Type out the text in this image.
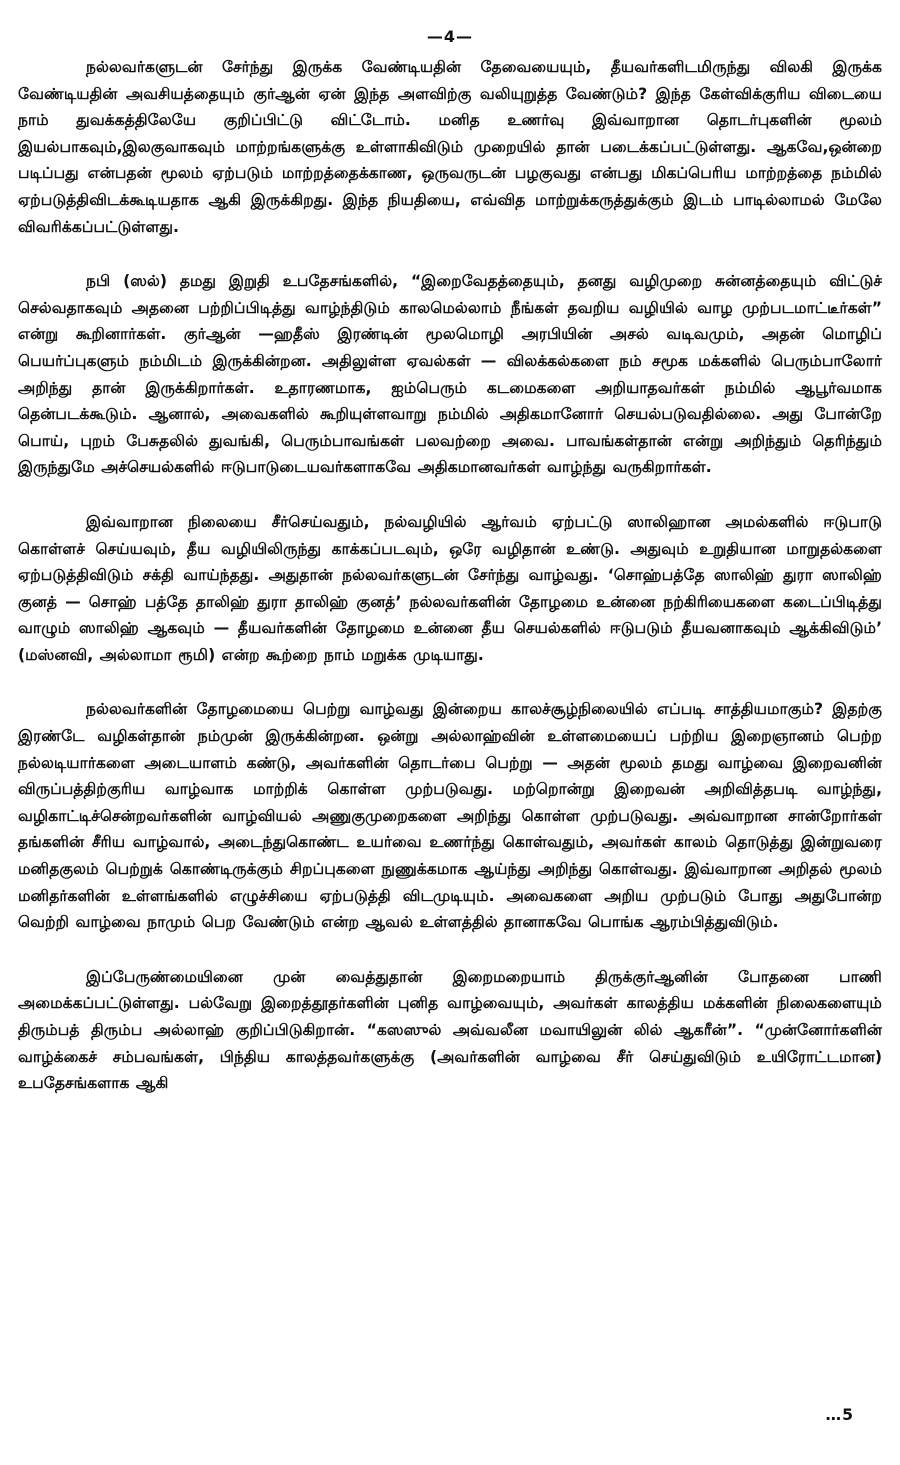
—4—

நல்லவர்களுடன் சேர்ந்து இருக்க வேண்டியதின் தேவையையும், தீயவர்களிடமிருந்து விலகி இருக்க வேண்டியதின் அவசியத்தையும் குர்ஆன் ஏன் இந்த அளவிற்கு வலியுறுத்த வேண்டும்? இந்த கேள்விக்குரிய விடையை நாம் துவக்கத்திலேயே குறிப்பிட்டு விட்டோம். மனித உணர்வு இவ்வாறான தொடர்புகளின் மூலம் இயல்பாகவும்,இலகுவாகவும் மாற்றங்களுக்கு உள்ளாகிவிடும் முறையில் தான் படைக்கப்பட்டுள்ளது. ஆகவே,ஒன்றை படிப்பது என்பதன் மூலம் ஏற்படும் மாற்றத்தைக்காண, ஒருவருடன் பழகுவது என்பது மிகப்பெரிய மாற்றத்தை நம்மில் ஏற்படுத்திவிடக்கூடியதாக ஆகி இருக்கிறது. இந்த நியதியை, எவ்வித மாற்றுக்கருத்துக்கும் இடம் பாடில்லாமல் மேலே விவரிக்கப்பட்டுள்ளது.

நபி (ஸல்) தமது இறுதி உபதேசங்களில், “இறைவேதத்தையும், தனது வழிமுறை சுன்னத்தையும் விட்டுச் செல்வதாகவும் அதனை பற்றிப்பிடித்து வாழ்ந்திடும் காலமெல்லாம் நீங்கள் தவறிய வழியில் வாழ முற்படமாட்டீர்கள்” என்று கூறினார்கள். குர்ஆன் —ஹதீஸ் இரண்டின் மூலமொழி அரபியின் அசல் வடிவமும், அதன் மொழிப் பெயர்ப்புகளும் நம்மிடம் இருக்கின்றன. அதிலுள்ள ஏவல்கள் — விலக்கல்களை நம் சமூக மக்களில் பெரும்பாலோர் அறிந்து தான் இருக்கிறார்கள். உதாரணமாக, ஐம்பெரும் கடமைகளை அறியாதவர்கள் நம்மில் ஆபூர்வமாக தென்படக்கூடும். ஆனால், அவைகளில் கூறியுள்ளவாறு நம்மில் அதிகமானோர் செயல்படுவதில்லை. அது போன்றே பொய், புறம் பேசுதலில் துவங்கி, பெரும்பாவங்கள் பலவற்றை அவை. பாவங்கள்தான் என்று அறிந்தும் தெரிந்தும் இருந்துமே அச்செயல்களில் ஈடுபாடுடையவர்களாகவே அதிகமானவர்கள் வாழ்ந்து வருகிறார்கள்.

இவ்வாறான நிலையை சீர்செய்வதும், நல்வழியில் ஆர்வம் ஏற்பட்டு ஸாலிஹான அமல்களில் ஈடுபாடு கொள்ளச் செய்யவும், தீய வழியிலிருந்து காக்கப்படவும், ஒரே வழிதான் உண்டு. அதுவும் உறுதியான மாறுதல்களை ஏற்படுத்திவிடும் சக்தி வாய்ந்தது. அதுதான் நல்லவர்களுடன் சேர்ந்து வாழ்வது. ‘சொஹ்பத்தே ஸாலிஹ் துரா ஸாலிஹ் குனத் — சொஹ் பத்தே தாலிஹ் துரா தாலிஹ் குனத்’ நல்லவர்களின் தோழமை உன்னை நற்கிரியைகளை கடைப்பிடித்து வாழும் ஸாலிஹ் ஆகவும் — தீயவர்களின் தோழமை உன்னை தீய செயல்களில் ஈடுபடும் தீயவனாகவும் ஆக்கிவிடும்’ (மஸ்னவி, அல்லாமா ரூமி) என்ற கூற்றை நாம் மறுக்க முடியாது.

நல்லவர்களின் தோழமையை பெற்று வாழ்வது இன்றைய காலச்சூழ்நிலையில் எப்படி சாத்தியமாகும்? இதற்கு இரண்டே வழிகள்தான் நம்முன் இருக்கின்றன. ஒன்று அல்லாஹ்வின் உள்ளமையைப் பற்றிய இறைஞானம் பெற்ற நல்லடியார்களை அடையாளம் கண்டு, அவர்களின் தொடர்பை பெற்று — அதன் மூலம் தமது வாழ்வை இறைவனின் விருப்பத்திற்குரிய வாழ்வாக மாற்றிக் கொள்ள முற்படுவது. மற்றொன்று இறைவன் அறிவித்தபடி வாழ்ந்து, வழிகாட்டிச்சென்றவர்களின் வாழ்வியல் அணுகுமுறைகளை அறிந்து கொள்ள முற்படுவது. அவ்வாறான சான்றோர்கள் தங்களின் சீரிய வாழ்வால், அடைந்துகொண்ட உயர்வை உணர்ந்து கொள்வதும், அவர்கள் காலம் தொடுத்து இன்றுவரை மனிதகுலம் பெற்றுக் கொண்டிருக்கும் சிறப்புகளை நுணுக்கமாக ஆய்ந்து அறிந்து கொள்வது. இவ்வாறான அறிதல் மூலம் மனிதர்களின் உள்ளங்களில் எழுச்சியை ஏற்படுத்தி விடமுடியும். அவைகளை அறிய முற்படும் போது அதுபோன்ற வெற்றி வாழ்வை நாமும் பெற வேண்டும் என்ற ஆவல் உள்ளத்தில் தானாகவே பொங்க ஆரம்பித்துவிடும்.

இப்பேருண்மையினை முன் வைத்துதான் இறைமறையாம் திருக்குர்ஆனின் போதனை பாணி அமைக்கப்பட்டுள்ளது. பல்வேறு இறைத்தூதர்களின் புனித வாழ்வையும், அவர்கள் காலத்திய மக்களின் நிலைகளையும் திரும்பத் திரும்ப அல்லாஹ் குறிப்பிடுகிறான். “கஸஸுல் அவ்வலீன மவாயிலுன் லில் ஆகரீன்”. “முன்னோர்களின் வாழ்க்கைச் சம்பவங்கள், பிந்திய காலத்தவர்களுக்கு (அவர்களின் வாழ்வை சீர் செய்துவிடும் உயிரோட்டமான) உபதேசங்களாக ஆகி

…5
